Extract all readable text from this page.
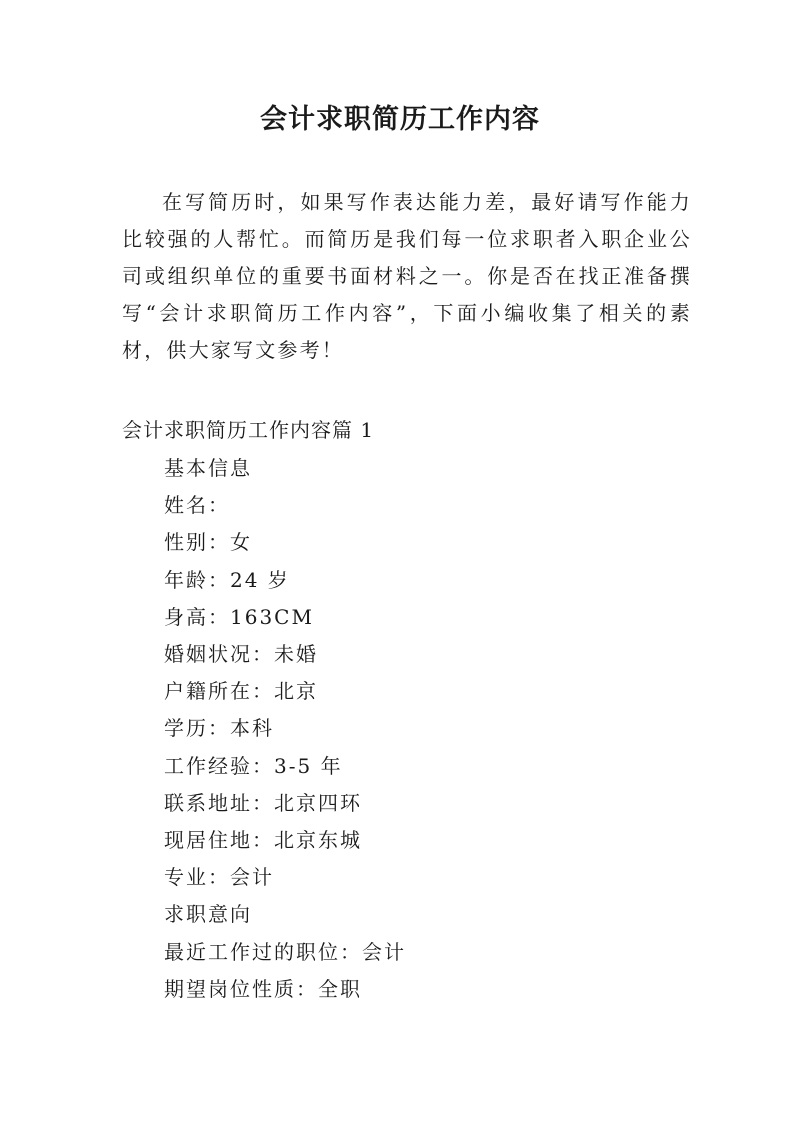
会计求职简历工作内容

在写简历时，如果写作表达能力差，最好请写作能力比较强的人帮忙。而简历是我们每一位求职者入职企业公司或组织单位的重要书面材料之一。你是否在找正准备撰写“会计求职简历工作内容”，下面小编收集了相关的素材，供大家写文参考！

会计求职简历工作内容篇 1

基本信息
姓名：
性别：女
年龄：24 岁
身高：163CM
婚姻状况：未婚
户籍所在：北京
学历：本科
工作经验：3-5 年
联系地址：北京四环
现居住地：北京东城
专业：会计
求职意向
最近工作过的职位：会计
期望岗位性质：全职
